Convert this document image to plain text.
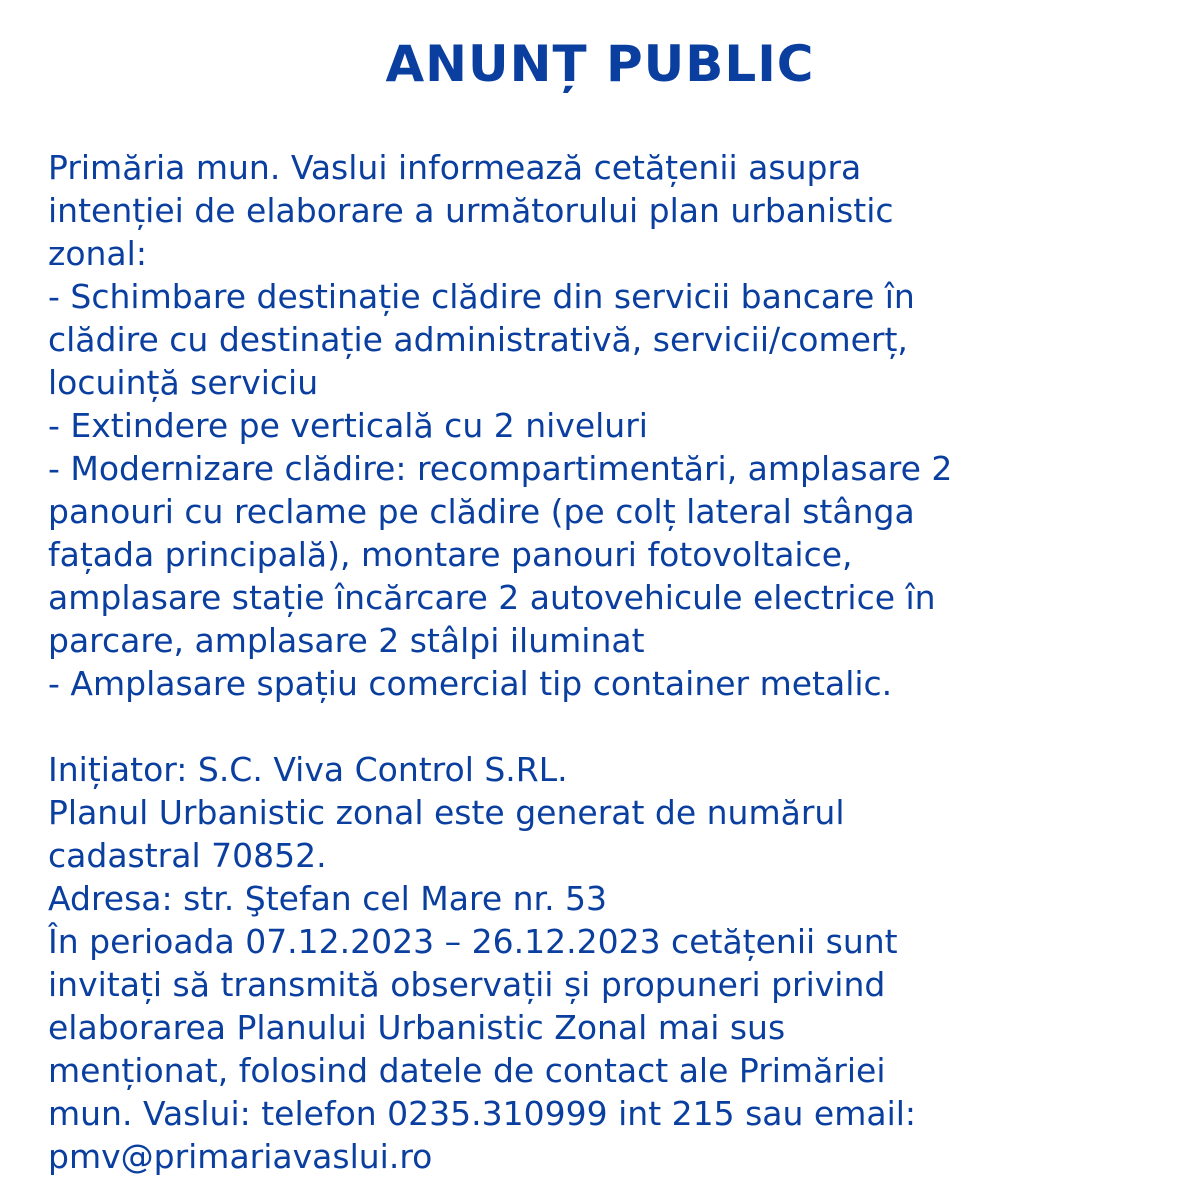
ANUNȚ PUBLIC
Primăria mun. Vaslui informează cetățenii asupra
intenției de elaborare a următorului plan urbanistic
zonal:
- Schimbare destinație clădire din servicii bancare în
clădire cu destinație administrativă, servicii/comerț,
locuință serviciu
- Extindere pe verticală cu 2 niveluri
- Modernizare clădire: recompartimentări, amplasare 2
panouri cu reclame pe clădire (pe colț lateral stânga
fațada principală), montare panouri fotovoltaice,
amplasare stație încărcare 2 autovehicule electrice în
parcare, amplasare 2 stâlpi iluminat
- Amplasare spațiu comercial tip container metalic.
Inițiator: S.C. Viva Control S.RL.
Planul Urbanistic zonal este generat de numărul
cadastral 70852.
Adresa: str. Ştefan cel Mare nr. 53
În perioada 07.12.2023 – 26.12.2023 cetățenii sunt
invitați să transmită observații și propuneri privind
elaborarea Planului Urbanistic Zonal mai sus
menționat, folosind datele de contact ale Primăriei
mun. Vaslui: telefon 0235.310999 int 215 sau email:
pmv@primariavaslui.ro
